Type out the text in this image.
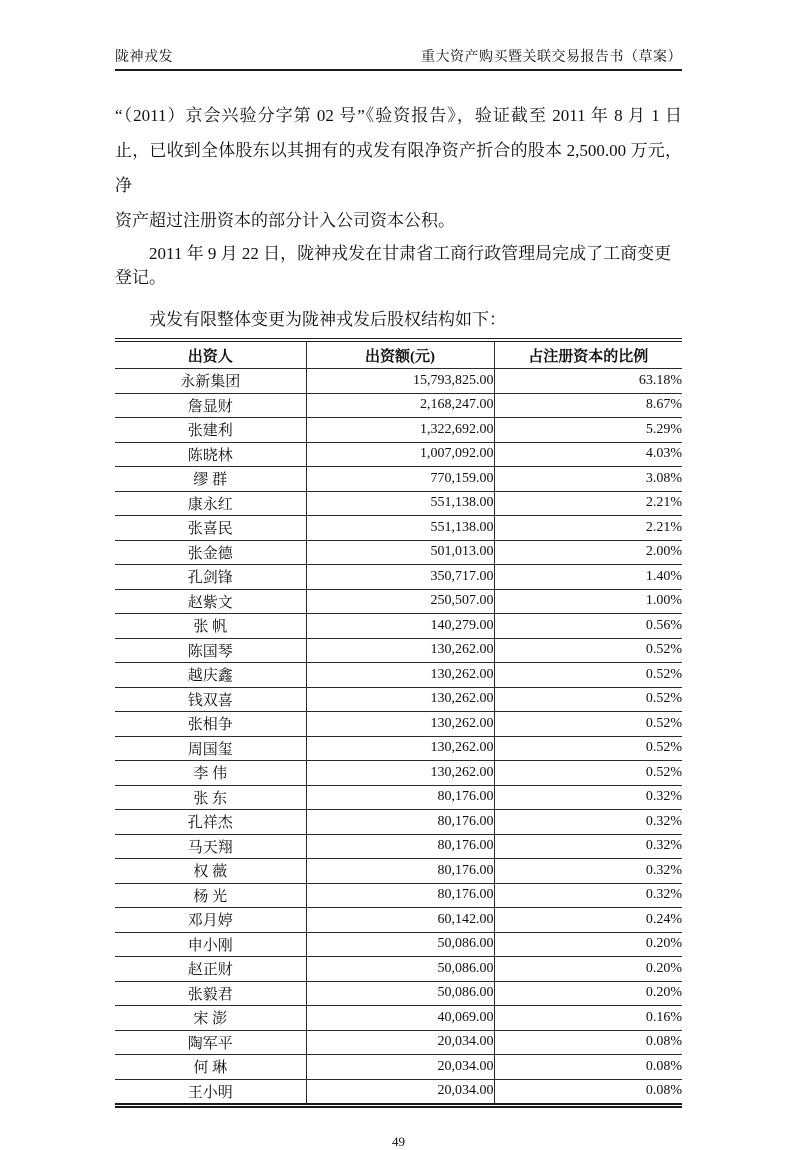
陇神戎发	重大资产购买暨关联交易报告书（草案）
“（2011）京会兴验分字第 02 号”《验资报告》，验证截至 2011 年 8 月 1 日
止，已收到全体股东以其拥有的戎发有限净资产折合的股本 2,500.00 万元，净
资产超过注册资本的部分计入公司资本公积。
2011 年 9 月 22 日，陇神戎发在甘肃省工商行政管理局完成了工商变更登记。
戎发有限整体变更为陇神戎发后股权结构如下：
出资人	出资额(元)	占注册资本的比例
永新集团	15,793,825.00	63.18%
詹显财	2,168,247.00	8.67%
张建利	1,322,692.00	5.29%
陈晓林	1,007,092.00	4.03%
缪 群	770,159.00	3.08%
康永红	551,138.00	2.21%
张喜民	551,138.00	2.21%
张金德	501,013.00	2.00%
孔剑锋	350,717.00	1.40%
赵紫文	250,507.00	1.00%
张 帆	140,279.00	0.56%
陈国琴	130,262.00	0.52%
越庆鑫	130,262.00	0.52%
钱双喜	130,262.00	0.52%
张相争	130,262.00	0.52%
周国玺	130,262.00	0.52%
李 伟	130,262.00	0.52%
张 东	80,176.00	0.32%
孔祥杰	80,176.00	0.32%
马天翔	80,176.00	0.32%
权 薇	80,176.00	0.32%
杨 光	80,176.00	0.32%
邓月婷	60,142.00	0.24%
申小刚	50,086.00	0.20%
赵正财	50,086.00	0.20%
张毅君	50,086.00	0.20%
宋 澎	40,069.00	0.16%
陶军平	20,034.00	0.08%
何 琳	20,034.00	0.08%
王小明	20,034.00	0.08%
49
